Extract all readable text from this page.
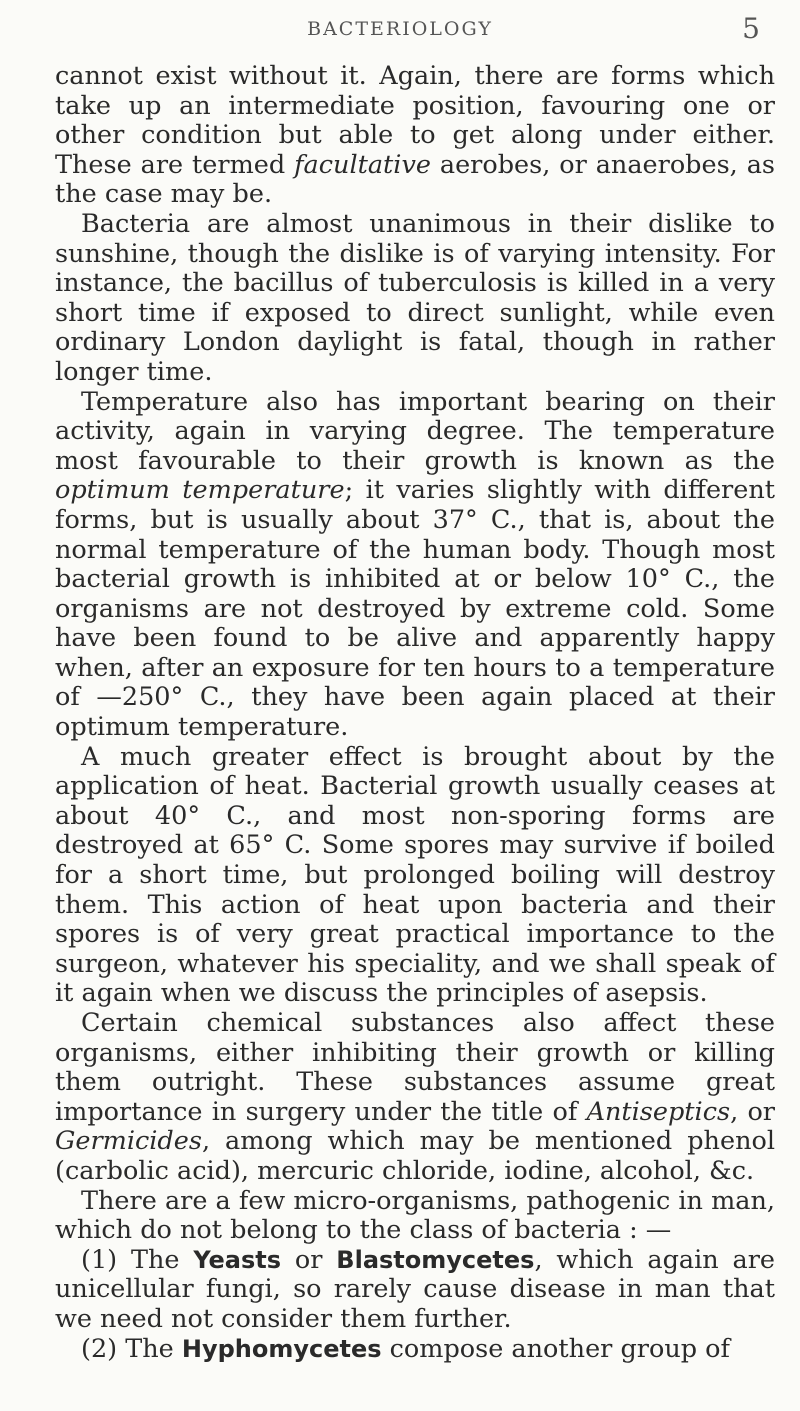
BACTERIOLOGY	5

cannot exist without it. Again, there are forms which take up an intermediate position, favouring one or other condition but able to get along under either. These are termed facultative aerobes, or anaerobes, as the case may be.

Bacteria are almost unanimous in their dislike to sunshine, though the dislike is of varying intensity. For instance, the bacillus of tuberculosis is killed in a very short time if exposed to direct sunlight, while even ordinary London daylight is fatal, though in rather longer time.

Temperature also has important bearing on their activity, again in varying degree. The temperature most favourable to their growth is known as the optimum temperature; it varies slightly with different forms, but is usually about 37° C., that is, about the normal temperature of the human body. Though most bacterial growth is inhibited at or below 10° C., the organisms are not destroyed by extreme cold. Some have been found to be alive and apparently happy when, after an exposure for ten hours to a temperature of —250° C., they have been again placed at their optimum temperature.

A much greater effect is brought about by the application of heat. Bacterial growth usually ceases at about 40° C., and most non-sporing forms are destroyed at 65° C. Some spores may survive if boiled for a short time, but prolonged boiling will destroy them. This action of heat upon bacteria and their spores is of very great practical importance to the surgeon, whatever his speciality, and we shall speak of it again when we discuss the principles of asepsis.

Certain chemical substances also affect these organisms, either inhibiting their growth or killing them outright. These substances assume great importance in surgery under the title of Antiseptics, or Germicides, among which may be mentioned phenol (carbolic acid), mercuric chloride, iodine, alcohol, &c.

There are a few micro-organisms, pathogenic in man, which do not belong to the class of bacteria : —

(1) The Yeasts or Blastomycetes, which again are unicellular fungi, so rarely cause disease in man that we need not consider them further.

(2) The Hyphomycetes compose another group of
